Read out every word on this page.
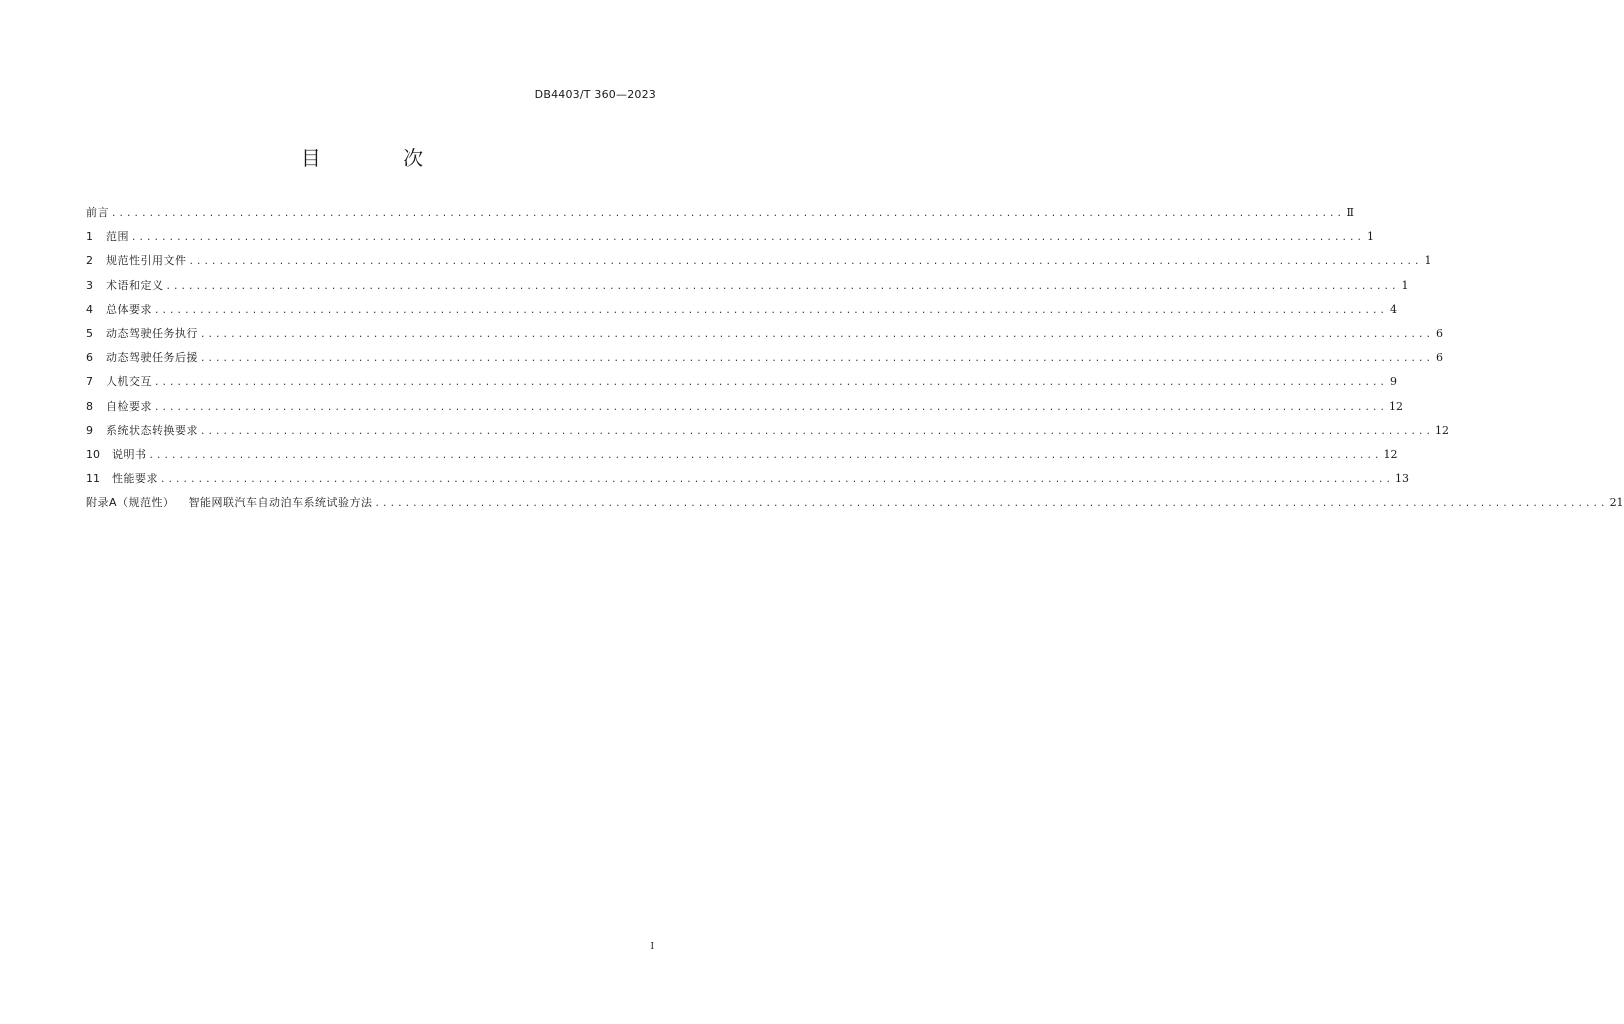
DB4403/T 360—2023
目 次
前言 .................................................................................................................................................................... Ⅱ
1	范围 .................................................................................................................................................................... 1
2	规范性引用文件 .................................................................................................................................................................... 1
3	术语和定义 .................................................................................................................................................................... 1
4	总体要求 .................................................................................................................................................................... 4
5	动态驾驶任务执行 .................................................................................................................................................................... 6
6	动态驾驶任务后援 .................................................................................................................................................................... 6
7	人机交互 .................................................................................................................................................................... 9
8	自检要求 .................................................................................................................................................................... 12
9	系统状态转换要求 .................................................................................................................................................................... 12
10	说明书 .................................................................................................................................................................... 12
11	性能要求 .................................................................................................................................................................... 13
附录A（规范性） 智能网联汽车自动泊车系统试验方法 .................................................................................................................................................................... 21
I
